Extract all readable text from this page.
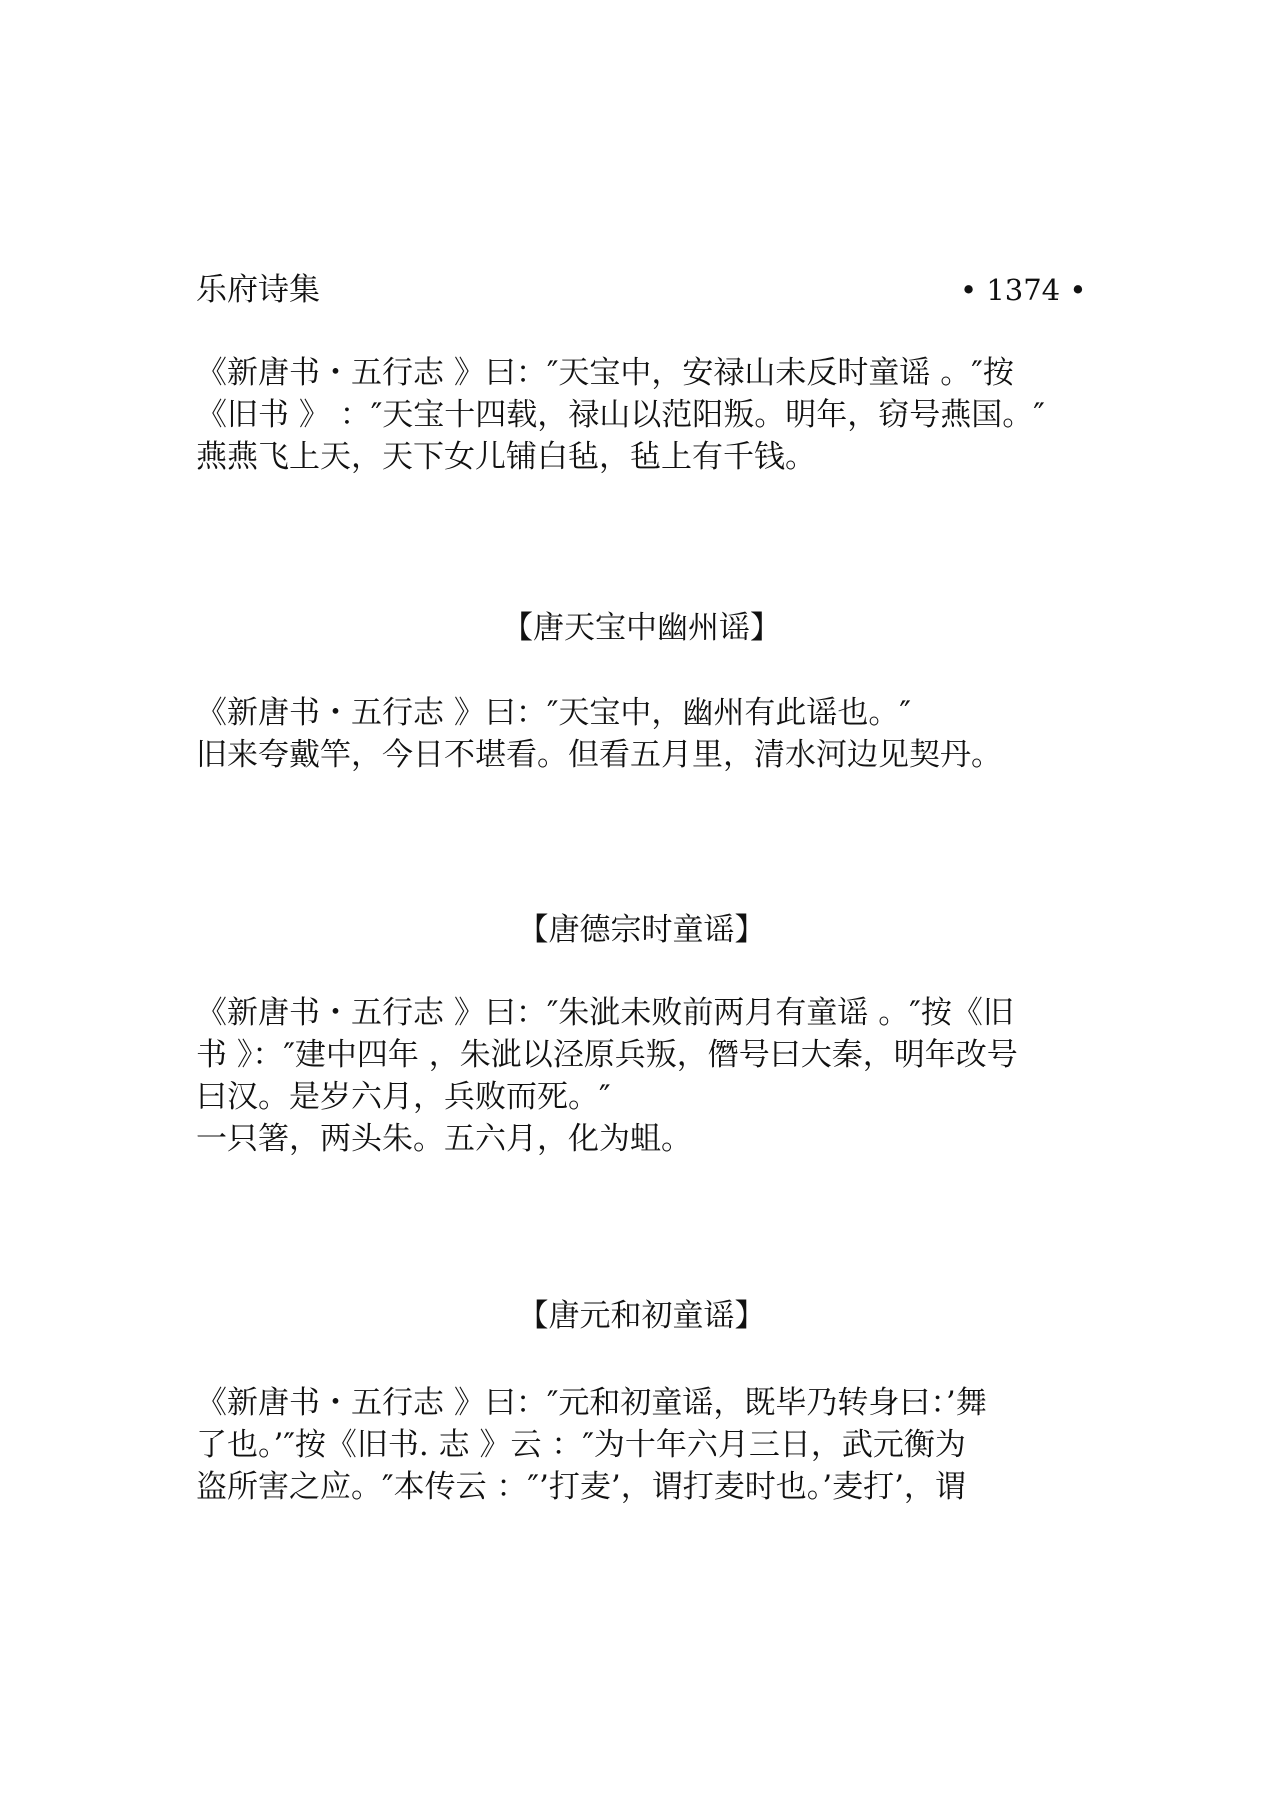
乐府诗集	• 1374 •
《新唐书・五行志 》曰：″天宝中，安禄山未反时童谣 。″按
《旧书 》 ：″天宝十四载，禄山以范阳叛。明年，窃号燕国。″
燕燕飞上天，天下女儿铺白毡，毡上有千钱。
【唐天宝中幽州谣】
《新唐书・五行志 》曰：″天宝中，幽州有此谣也。″
旧来夸戴竿，今日不堪看。但看五月里，清水河边见契丹。
【唐德宗时童谣】
《新唐书・五行志 》曰：″朱泚未败前两月有童谣 。″按《旧
书 》：″建中四年 ，朱泚以泾原兵叛，僭号曰大秦，明年改号
曰汉。是岁六月，兵败而死。″
一只箸，两头朱。五六月，化为蛆。
【唐元和初童谣】
《新唐书・五行志 》曰：″元和初童谣，既毕乃转身曰：’舞
了也。’″按《旧书. 志 》云 ：″为十年六月三日，武元衡为
盗所害之应。″本传云 ：″’打麦’，谓打麦时也。’麦打’，谓
